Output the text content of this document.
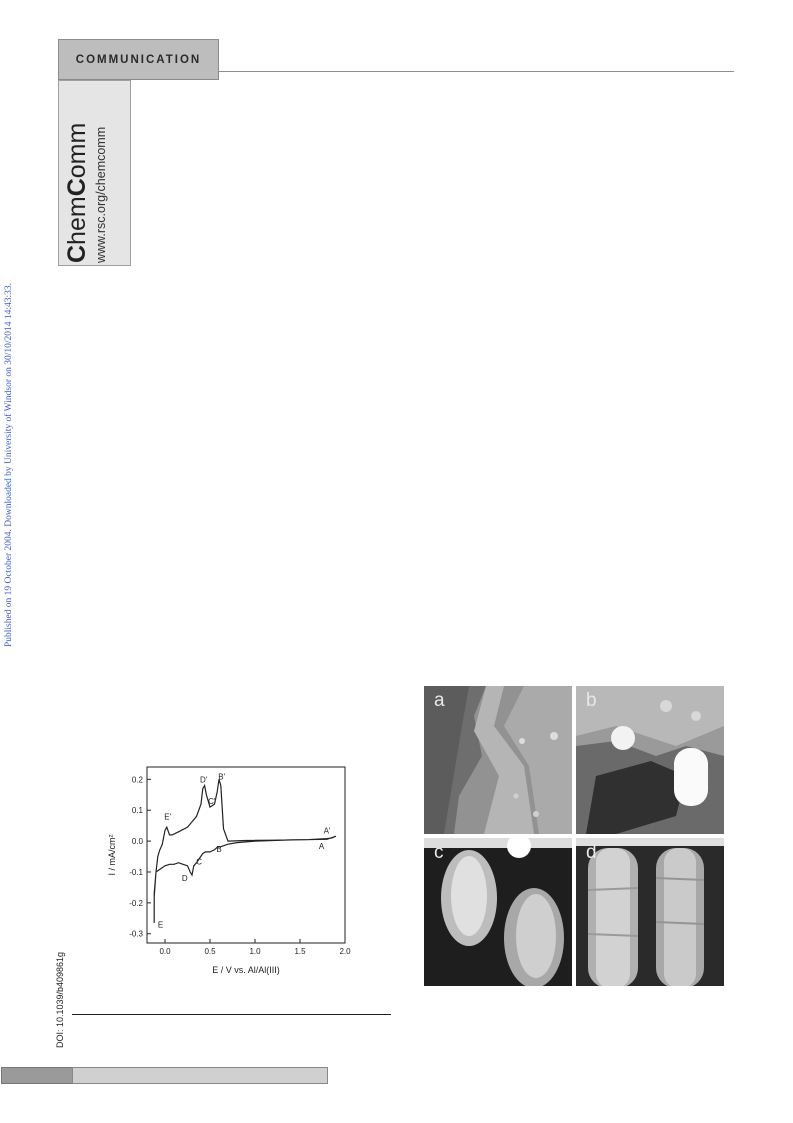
COMMUNICATION
ChemComm www.rsc.org/chemcomm
Published on 19 October 2004. Downloaded by University of Windsor on 30/10/2014 14:43:33.
DOI: 10.1039/b409861g
0.0	0.5	1.0	1.5	2.0
0.2
0.1
0.0
-0.1
-0.2
-0.3
A'
A
B'
B
C'
C
D'
D
E'
E
E / V vs. Al/Al(III)
I / mA/cm²
a	b
c	d
